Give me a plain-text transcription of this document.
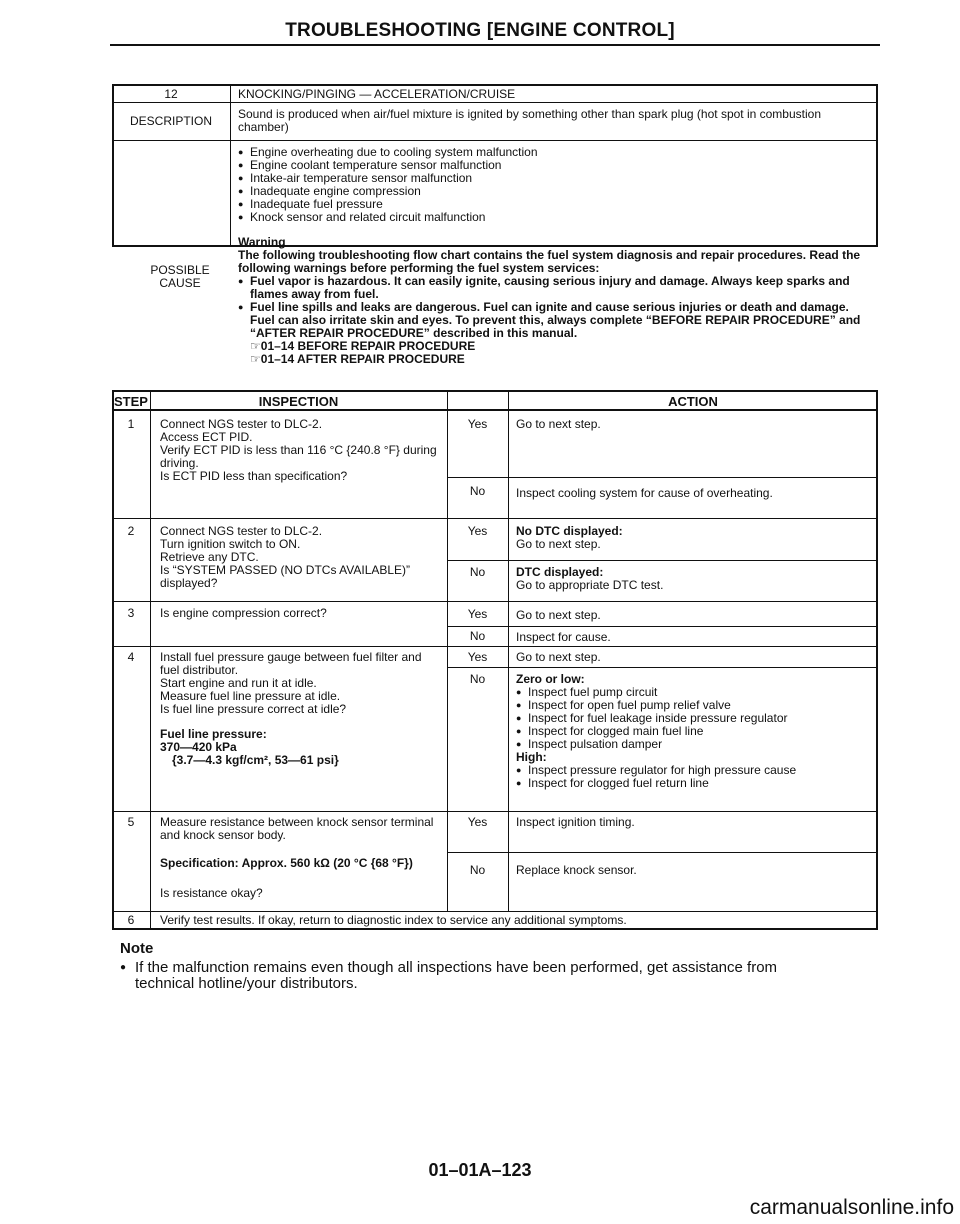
TROUBLESHOOTING [ENGINE CONTROL]
12	KNOCKING/PINGING — ACCELERATION/CRUISE
DESCRIPTION	Sound is produced when air/fuel mixture is ignited by something other than spark plug (hot spot in combustion chamber)
POSSIBLE CAUSE
● Engine overheating due to cooling system malfunction
● Engine coolant temperature sensor malfunction
● Intake-air temperature sensor malfunction
● Inadequate engine compression
● Inadequate fuel pressure
● Knock sensor and related circuit malfunction
Warning
The following troubleshooting flow chart contains the fuel system diagnosis and repair procedures. Read the following warnings before performing the fuel system services:
● Fuel vapor is hazardous. It can easily ignite, causing serious injury and damage. Always keep sparks and flames away from fuel.
● Fuel line spills and leaks are dangerous. Fuel can ignite and cause serious injuries or death and damage. Fuel can also irritate skin and eyes. To prevent this, always complete “BEFORE REPAIR PROCEDURE” and “AFTER REPAIR PROCEDURE” described in this manual.
☞ 01–14 BEFORE REPAIR PROCEDURE
☞ 01–14 AFTER REPAIR PROCEDURE
STEP	INSPECTION	ACTION
1	Connect NGS tester to DLC-2.
Access ECT PID.
Verify ECT PID is less than 116 °C {240.8 °F} during driving.
Is ECT PID less than specification?
Yes	Go to next step.
No	Inspect cooling system for cause of overheating.
2	Connect NGS tester to DLC-2.
Turn ignition switch to ON.
Retrieve any DTC.
Is “SYSTEM PASSED (NO DTCs AVAILABLE)” displayed?
Yes	No DTC displayed:
Go to next step.
No	DTC displayed:
Go to appropriate DTC test.
3	Is engine compression correct?	Yes	Go to next step.
No	Inspect for cause.
4	Install fuel pressure gauge between fuel filter and fuel distributor.
Start engine and run it at idle.
Measure fuel line pressure at idle.
Is fuel line pressure correct at idle?
Fuel line pressure:
370—420 kPa
{3.7—4.3 kgf/cm², 53—61 psi}
Yes	Go to next step.
No	Zero or low:
● Inspect fuel pump circuit
● Inspect for open fuel pump relief valve
● Inspect for fuel leakage inside pressure regulator
● Inspect for clogged main fuel line
● Inspect pulsation damper
High:
● Inspect pressure regulator for high pressure cause
● Inspect for clogged fuel return line
5	Measure resistance between knock sensor terminal and knock sensor body.
Specification: Approx. 560 kΩ (20 °C {68 °F})
Is resistance okay?
Yes	Inspect ignition timing.
No	Replace knock sensor.
6	Verify test results. If okay, return to diagnostic index to service any additional symptoms.
Note
● If the malfunction remains even though all inspections have been performed, get assistance from technical hotline/your distributors.
01–01A–123
carmanualsonline.info
